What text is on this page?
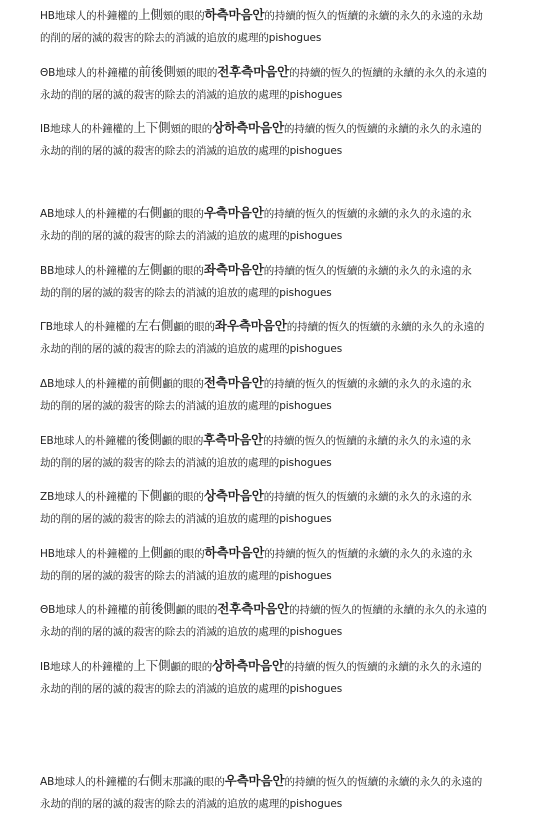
HB地球人的朴鐘權的上側頞的眼的하측마음안的持續的恆久的恆續的永續的永久的永遠的永劫
的削的屠的滅的殺害的除去的消滅的追放的處理的pishogues
ΘB地球人的朴鐘權的前後側頞的眼的전후측마음안的持續的恆久的恆續的永續的永久的永遠的
永劫的削的屠的滅的殺害的除去的消滅的追放的處理的pishogues
IB地球人的朴鐘權的上下側頞的眼的상하측마음안的持續的恆久的恆續的永續的永久的永遠的
永劫的削的屠的滅的殺害的除去的消滅的追放的處理的pishogues
AB地球人的朴鐘權的右側顱的眼的우측마음안的持續的恆久的恆續的永續的永久的永遠的永
永劫的削的屠的滅的殺害的除去的消滅的追放的處理的pishogues
BB地球人的朴鐘權的左側顱的眼的좌측마음안的持續的恆久的恆續的永續的永久的永遠的永
劫的削的屠的滅的殺害的除去的消滅的追放的處理的pishogues
ΓB地球人的朴鐘權的左右側顱的眼的좌우측마음안的持續的恆久的恆續的永續的永久的永遠的
永劫的削的屠的滅的殺害的除去的消滅的追放的處理的pishogues
ΔB地球人的朴鐘權的前側顱的眼的전측마음안的持續的恆久的恆續的永續的永久的永遠的永
劫的削的屠的滅的殺害的除去的消滅的追放的處理的pishogues
EB地球人的朴鐘權的後側顱的眼的후측마음안的持續的恆久的恆續的永續的永久的永遠的永
劫的削的屠的滅的殺害的除去的消滅的追放的處理的pishogues
ZB地球人的朴鐘權的下側顱的眼的상측마음안的持續的恆久的恆續的永續的永久的永遠的永
劫的削的屠的滅的殺害的除去的消滅的追放的處理的pishogues
HB地球人的朴鐘權的上側顱的眼的하측마음안的持續的恆久的恆續的永續的永久的永遠的永
劫的削的屠的滅的殺害的除去的消滅的追放的處理的pishogues
ΘB地球人的朴鐘權的前後側顱的眼的전후측마음안的持續的恆久的恆續的永續的永久的永遠的
永劫的削的屠的滅的殺害的除去的消滅的追放的處理的pishogues
IB地球人的朴鐘權的上下側顱的眼的상하측마음안的持續的恆久的恆續的永續的永久的永遠的
永劫的削的屠的滅的殺害的除去的消滅的追放的處理的pishogues
AB地球人的朴鐘權的右側末那識的眼的우측마음안的持續的恆久的恆續的永續的永久的永遠的
永劫的削的屠的滅的殺害的除去的消滅的追放的處理的pishogues
